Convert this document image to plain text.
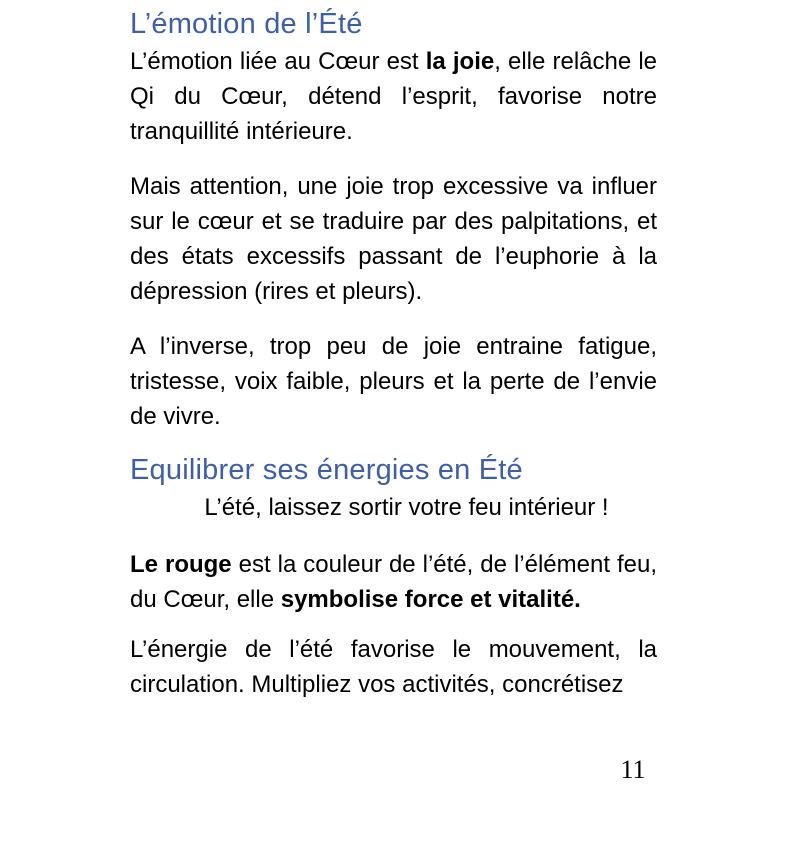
L’émotion de l’Été

L’émotion liée au Cœur est la joie, elle relâche le Qi du Cœur, détend l’esprit, favorise notre tranquillité intérieure.

Mais attention, une joie trop excessive va influer sur le cœur et se traduire par des palpitations, et des états excessifs passant de l’euphorie à la dépression (rires et pleurs).

A l’inverse, trop peu de joie entraine fatigue, tristesse, voix faible, pleurs et la perte de l’envie de vivre.

Equilibrer ses énergies en Été

L’été, laissez sortir votre feu intérieur !

Le rouge est la couleur de l’été, de l’élément feu, du Cœur, elle symbolise force et vitalité.

L’énergie de l’été favorise le mouvement, la circulation. Multipliez vos activités, concrétisez

11
